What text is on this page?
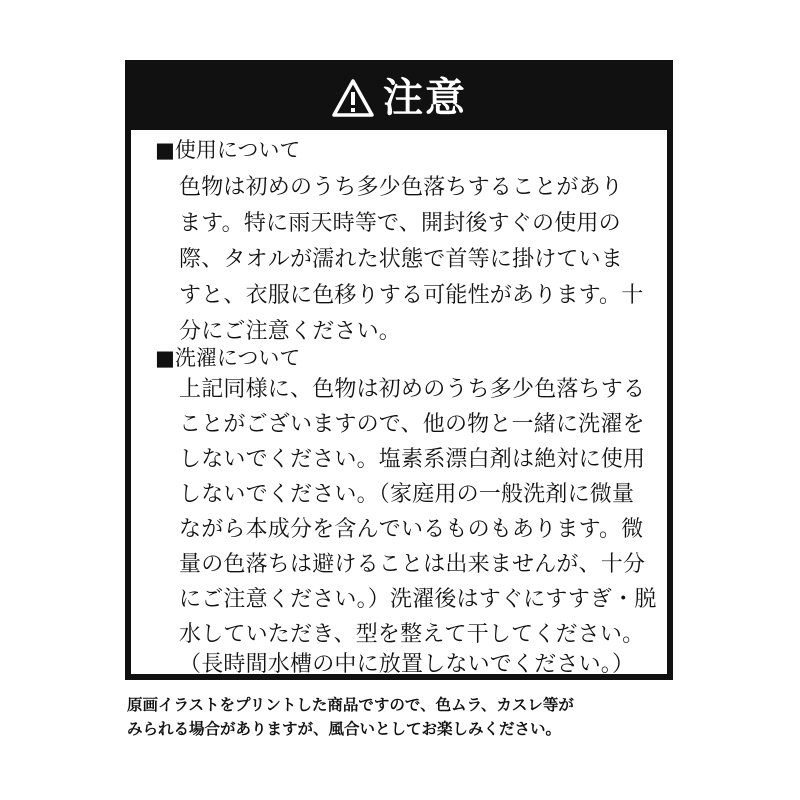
注意
■使用について
色物は初めのうち多少色落ちすることがあり
ます。特に雨天時等で、開封後すぐの使用の
際、タオルが濡れた状態で首等に掛けていま
すと、衣服に色移りする可能性があります。十
分にご注意ください。
■洗濯について
上記同様に、色物は初めのうち多少色落ちする
ことがございますので、他の物と一緒に洗濯を
しないでください。塩素系漂白剤は絶対に使用
しないでください。（家庭用の一般洗剤に微量
ながら本成分を含んでいるものもあります。微
量の色落ちは避けることは出来ませんが、十分
にご注意ください。）洗濯後はすぐにすすぎ・脱
水していただき、型を整えて干してください。
（長時間水槽の中に放置しないでください。）
原画イラストをプリントした商品ですので、色ムラ、カスレ等が
みられる場合がありますが、風合いとしてお楽しみください。
